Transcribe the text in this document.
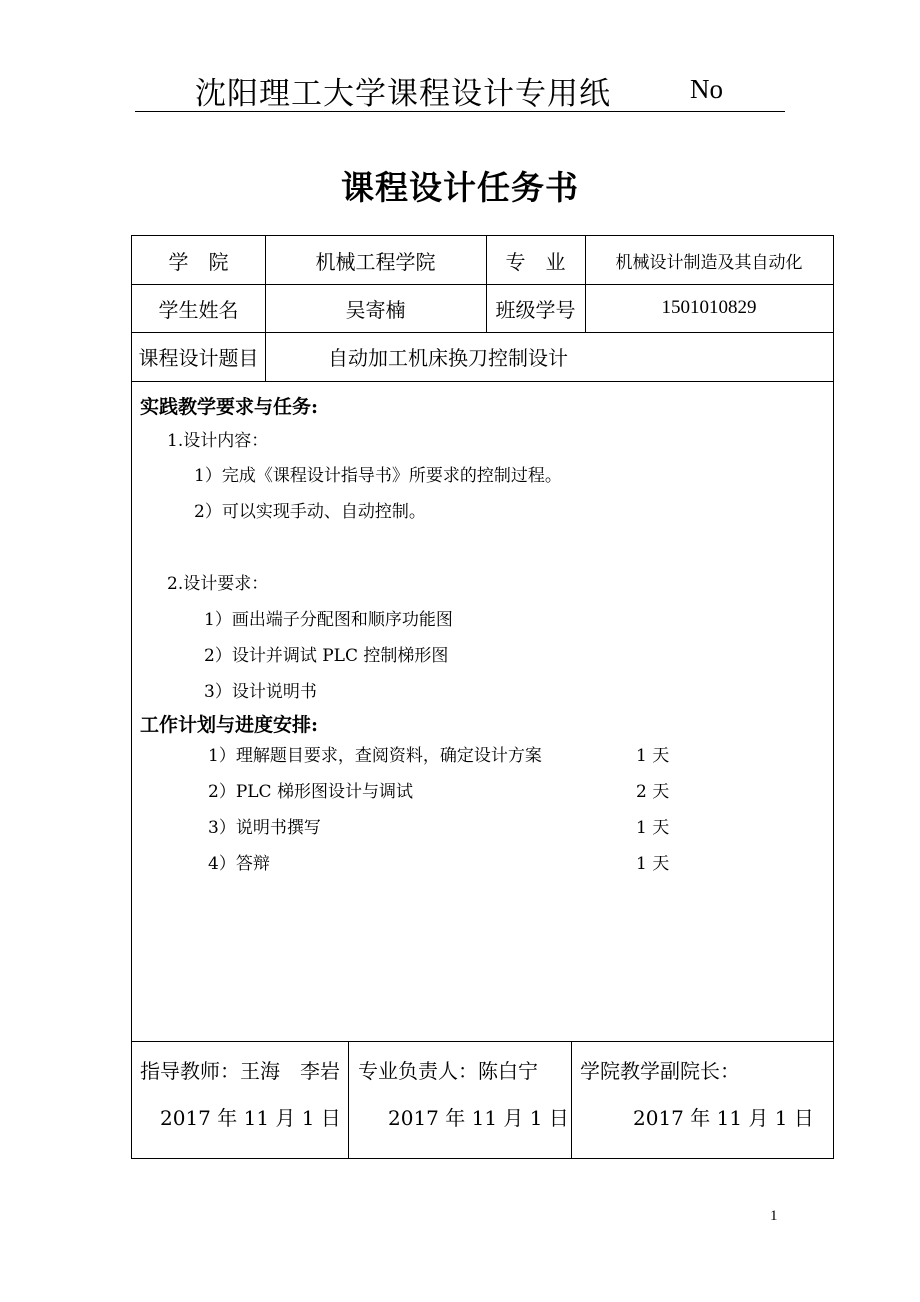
沈阳理工大学课程设计专用纸	No
课程设计任务书
学　院	机械工程学院	专　业	机械设计制造及其自动化
学生姓名	吴寄楠	班级学号	1501010829
课程设计题目	自动加工机床换刀控制设计
实践教学要求与任务:
1.设计内容：
1）完成《课程设计指导书》所要求的控制过程。
2）可以实现手动、自动控制。
2.设计要求：
1）画出端子分配图和顺序功能图
2）设计并调试 PLC 控制梯形图
3）设计说明书
工作计划与进度安排:
1）理解题目要求，查阅资料，确定设计方案	1 天
2）PLC 梯形图设计与调试	2 天
3）说明书撰写	1 天
4）答辩	1 天
指导教师：王海　李岩
2017 年 11 月 1 日
专业负责人：陈白宁
2017 年 11 月 1 日
学院教学副院长：
2017 年 11 月 1 日
1
